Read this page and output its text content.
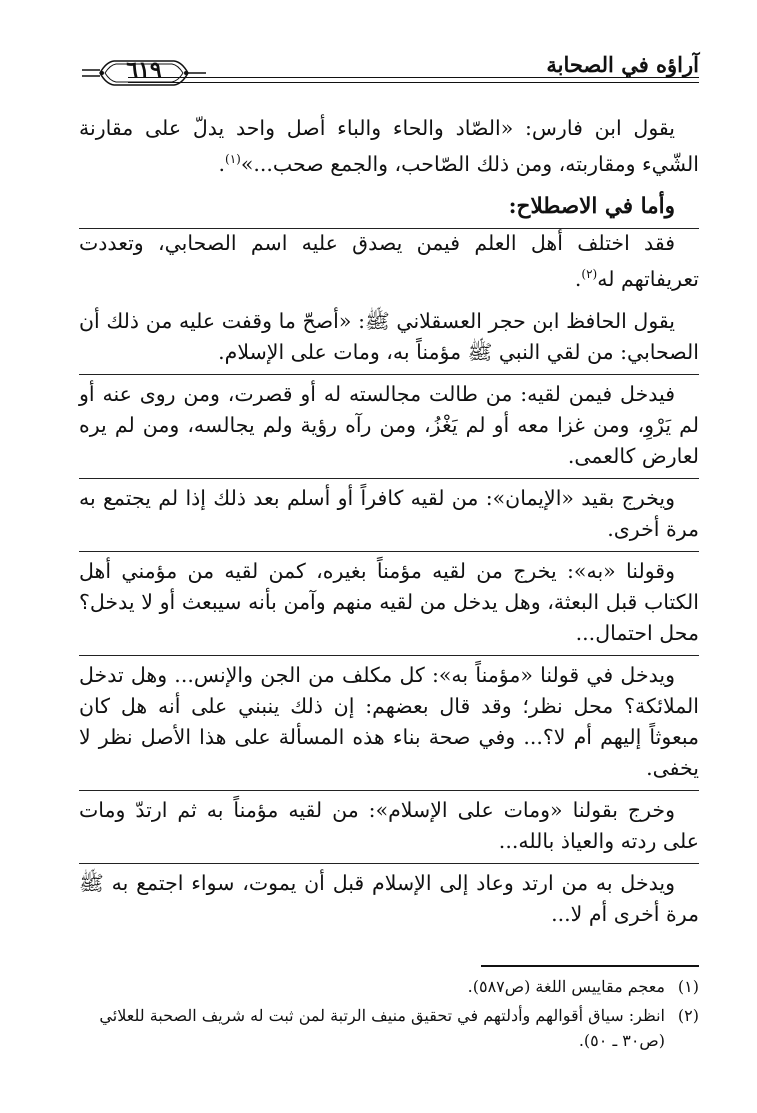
آراؤه في الصحابة
٦١٩

يقول ابن فارس: «الصّاد والحاء والباء أصل واحد يدلّ على مقارنة الشّيء ومقاربته، ومن ذلك الصّاحب، والجمع صحب...»$^{(١)}$.

وأما في الاصطلاح:

فقد اختلف أهل العلم فيمن يصدق عليه اسم الصحابي، وتعددت تعريفاتهم له$^{(٢)}$.

يقول الحافظ ابن حجر العسقلاني ﷺ: «أصحّ ما وقفت عليه من ذلك أن الصحابي: من لقي النبي ﷺ مؤمناً به، ومات على الإسلام.

فيدخل فيمن لقيه: من طالت مجالسته له أو قصرت، ومن روى عنه أو لم يَرْوِ، ومن غزا معه أو لم يَغْزُ، ومن رآه رؤية ولم يجالسه، ومن لم يره لعارض كالعمى.

ويخرج بقيد «الإيمان»: من لقيه كافراً أو أسلم بعد ذلك إذا لم يجتمع به مرة أخرى.

وقولنا «به»: يخرج من لقيه مؤمناً بغيره، كمن لقيه من مؤمني أهل الكتاب قبل البعثة، وهل يدخل من لقيه منهم وآمن بأنه سيبعث أو لا يدخل؟ محل احتمال...

ويدخل في قولنا «مؤمناً به»: كل مكلف من الجن والإنس... وهل تدخل الملائكة؟ محل نظر؛ وقد قال بعضهم: إن ذلك ينبني على أنه هل كان مبعوثاً إليهم أم لا؟... وفي صحة بناء هذه المسألة على هذا الأصل نظر لا يخفى.

وخرج بقولنا «ومات على الإسلام»: من لقيه مؤمناً به ثم ارتدّ ومات على ردته والعياذ بالله...

ويدخل به من ارتد وعاد إلى الإسلام قبل أن يموت، سواء اجتمع به ﷺ مرة أخرى أم لا...

(١)
معجم مقاييس اللغة (ص٥٨٧).
(٢)
انظر: سياق أقوالهم وأدلتهم في تحقيق منيف الرتبة لمن ثبت له شريف الصحبة للعلائي (ص٣٠ ـ ٥٠).
